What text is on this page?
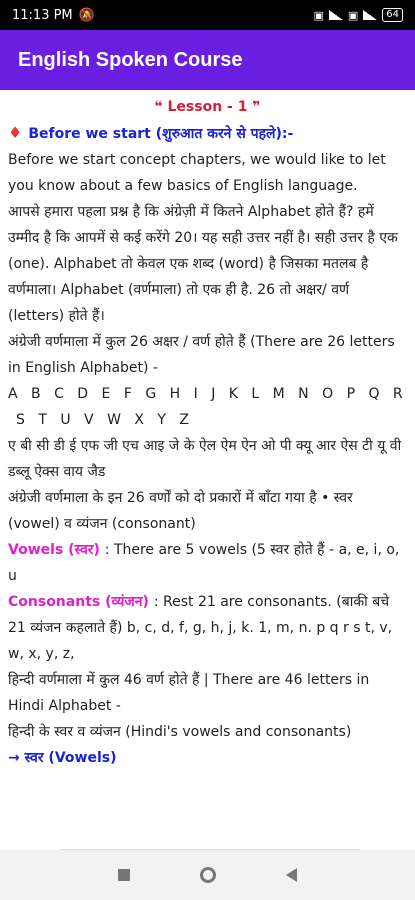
11:13 PM 🔕	▣ ▣	64
English Spoken Course
❝ Lesson - 1 ❞
♦ Before we start (शुरुआत करने से पहले):-
Before we start concept chapters, we would like to let you know about a few basics of English language.
आपसे हमारा पहला प्रश्न है कि अंग्रेज़ी में कितने Alphabet होते हैं? हमें उम्मीद है कि आपमें से कई करेंगे 20। यह सही उत्तर नहीं है। सही उत्तर है एक (one). Alphabet तो केवल एक शब्द (word) है जिसका मतलब है वर्णमाला। Alphabet (वर्णमाला) तो एक ही है. 26 तो अक्षर/ वर्ण (letters) होते हैं।
अंग्रेजी वर्णमाला में कुल 26 अक्षर / वर्ण होते हैं (There are 26 letters in English Alphabet) -
A B C D E F G H I J K L M N O P Q R
S T U V W X Y Z
ए बी सी डी ई एफ जी एच आइ जे के ऐल ऐम ऐन ओ पी क्यू आर ऐस टी यू वी डब्लू ऐक्स वाय जैड
अंग्रेजी वर्णमाला के इन 26 वर्णों को दो प्रकारों में बाँटा गया है • स्वर (vowel) व व्यंजन (consonant)
Vowels (स्वर) : There are 5 vowels (5 स्वर होते हैं - a, e, i, o, u
Consonants (व्यंजन) : Rest 21 are consonants. (बाकी बचे 21 व्यंजन कहलाते हैं) b, c, d, f, g, h, j, k. 1, m, n. p q r s t, v, w, x, y, z,
हिन्दी वर्णमाला में कुल 46 वर्ण होते हैं | There are 46 letters in Hindi Alphabet -
हिन्दी के स्वर व व्यंजन (Hindi's vowels and consonants)
→ स्वर (Vowels)
